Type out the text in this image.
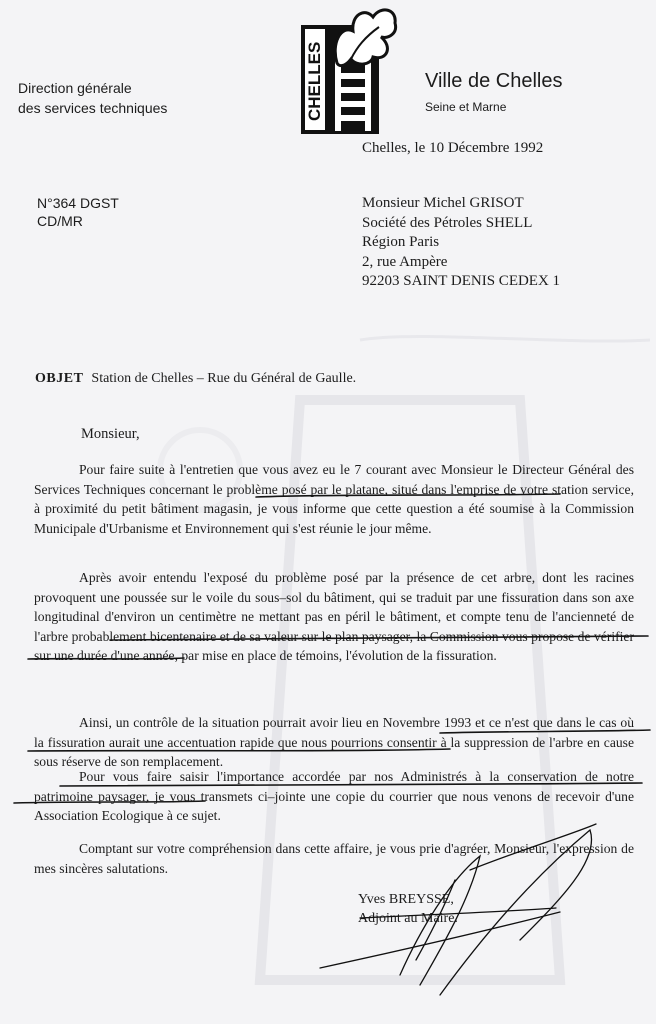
Direction générale
des services techniques	CHELLES	Ville de Chelles
Seine et Marne
Chelles, le 10 Décembre 1992
N°364 DGST
CD/MR
Monsieur Michel GRISOT
Société des Pétroles SHELL
Région Paris
2, rue Ampère
92203 SAINT DENIS CEDEX 1
OBJET Station de Chelles – Rue du Général de Gaulle.
Monsieur,
Pour faire suite à l'entretien que vous avez eu le 7 courant avec Monsieur le Directeur Général des Services Techniques concernant le problème posé par le platane, situé dans l'emprise de votre station service, à proximité du petit bâtiment magasin, je vous informe que cette question a été soumise à la Commission Municipale d'Urbanisme et Environnement qui s'est réunie le jour même.
Après avoir entendu l'exposé du problème posé par la présence de cet arbre, dont les racines provoquent une poussée sur le voile du sous–sol du bâtiment, qui se traduit par une fissuration dans son axe longitudinal d'environ un centimètre ne mettant pas en péril le bâtiment, et compte tenu de l'ancienneté de l'arbre probablement bicentenaire et de sa valeur sur le plan paysager, la Commission vous propose de vérifier sur une durée d'une année, par mise en place de témoins, l'évolution de la fissuration.
Ainsi, un contrôle de la situation pourrait avoir lieu en Novembre 1993 et ce n'est que dans le cas où la fissuration aurait une accentuation rapide que nous pourrions consentir à la suppression de l'arbre en cause sous réserve de son remplacement.
Pour vous faire saisir l'importance accordée par nos Administrés à la conservation de notre patrimoine paysager, je vous transmets ci–jointe une copie du courrier que nous venons de recevoir d'une Association Ecologique à ce sujet.
Comptant sur votre compréhension dans cette affaire, je vous prie d'agréer, Monsieur, l'expression de mes sincères salutations.
Yves BREYSSE,
Adjoint au Maire.
